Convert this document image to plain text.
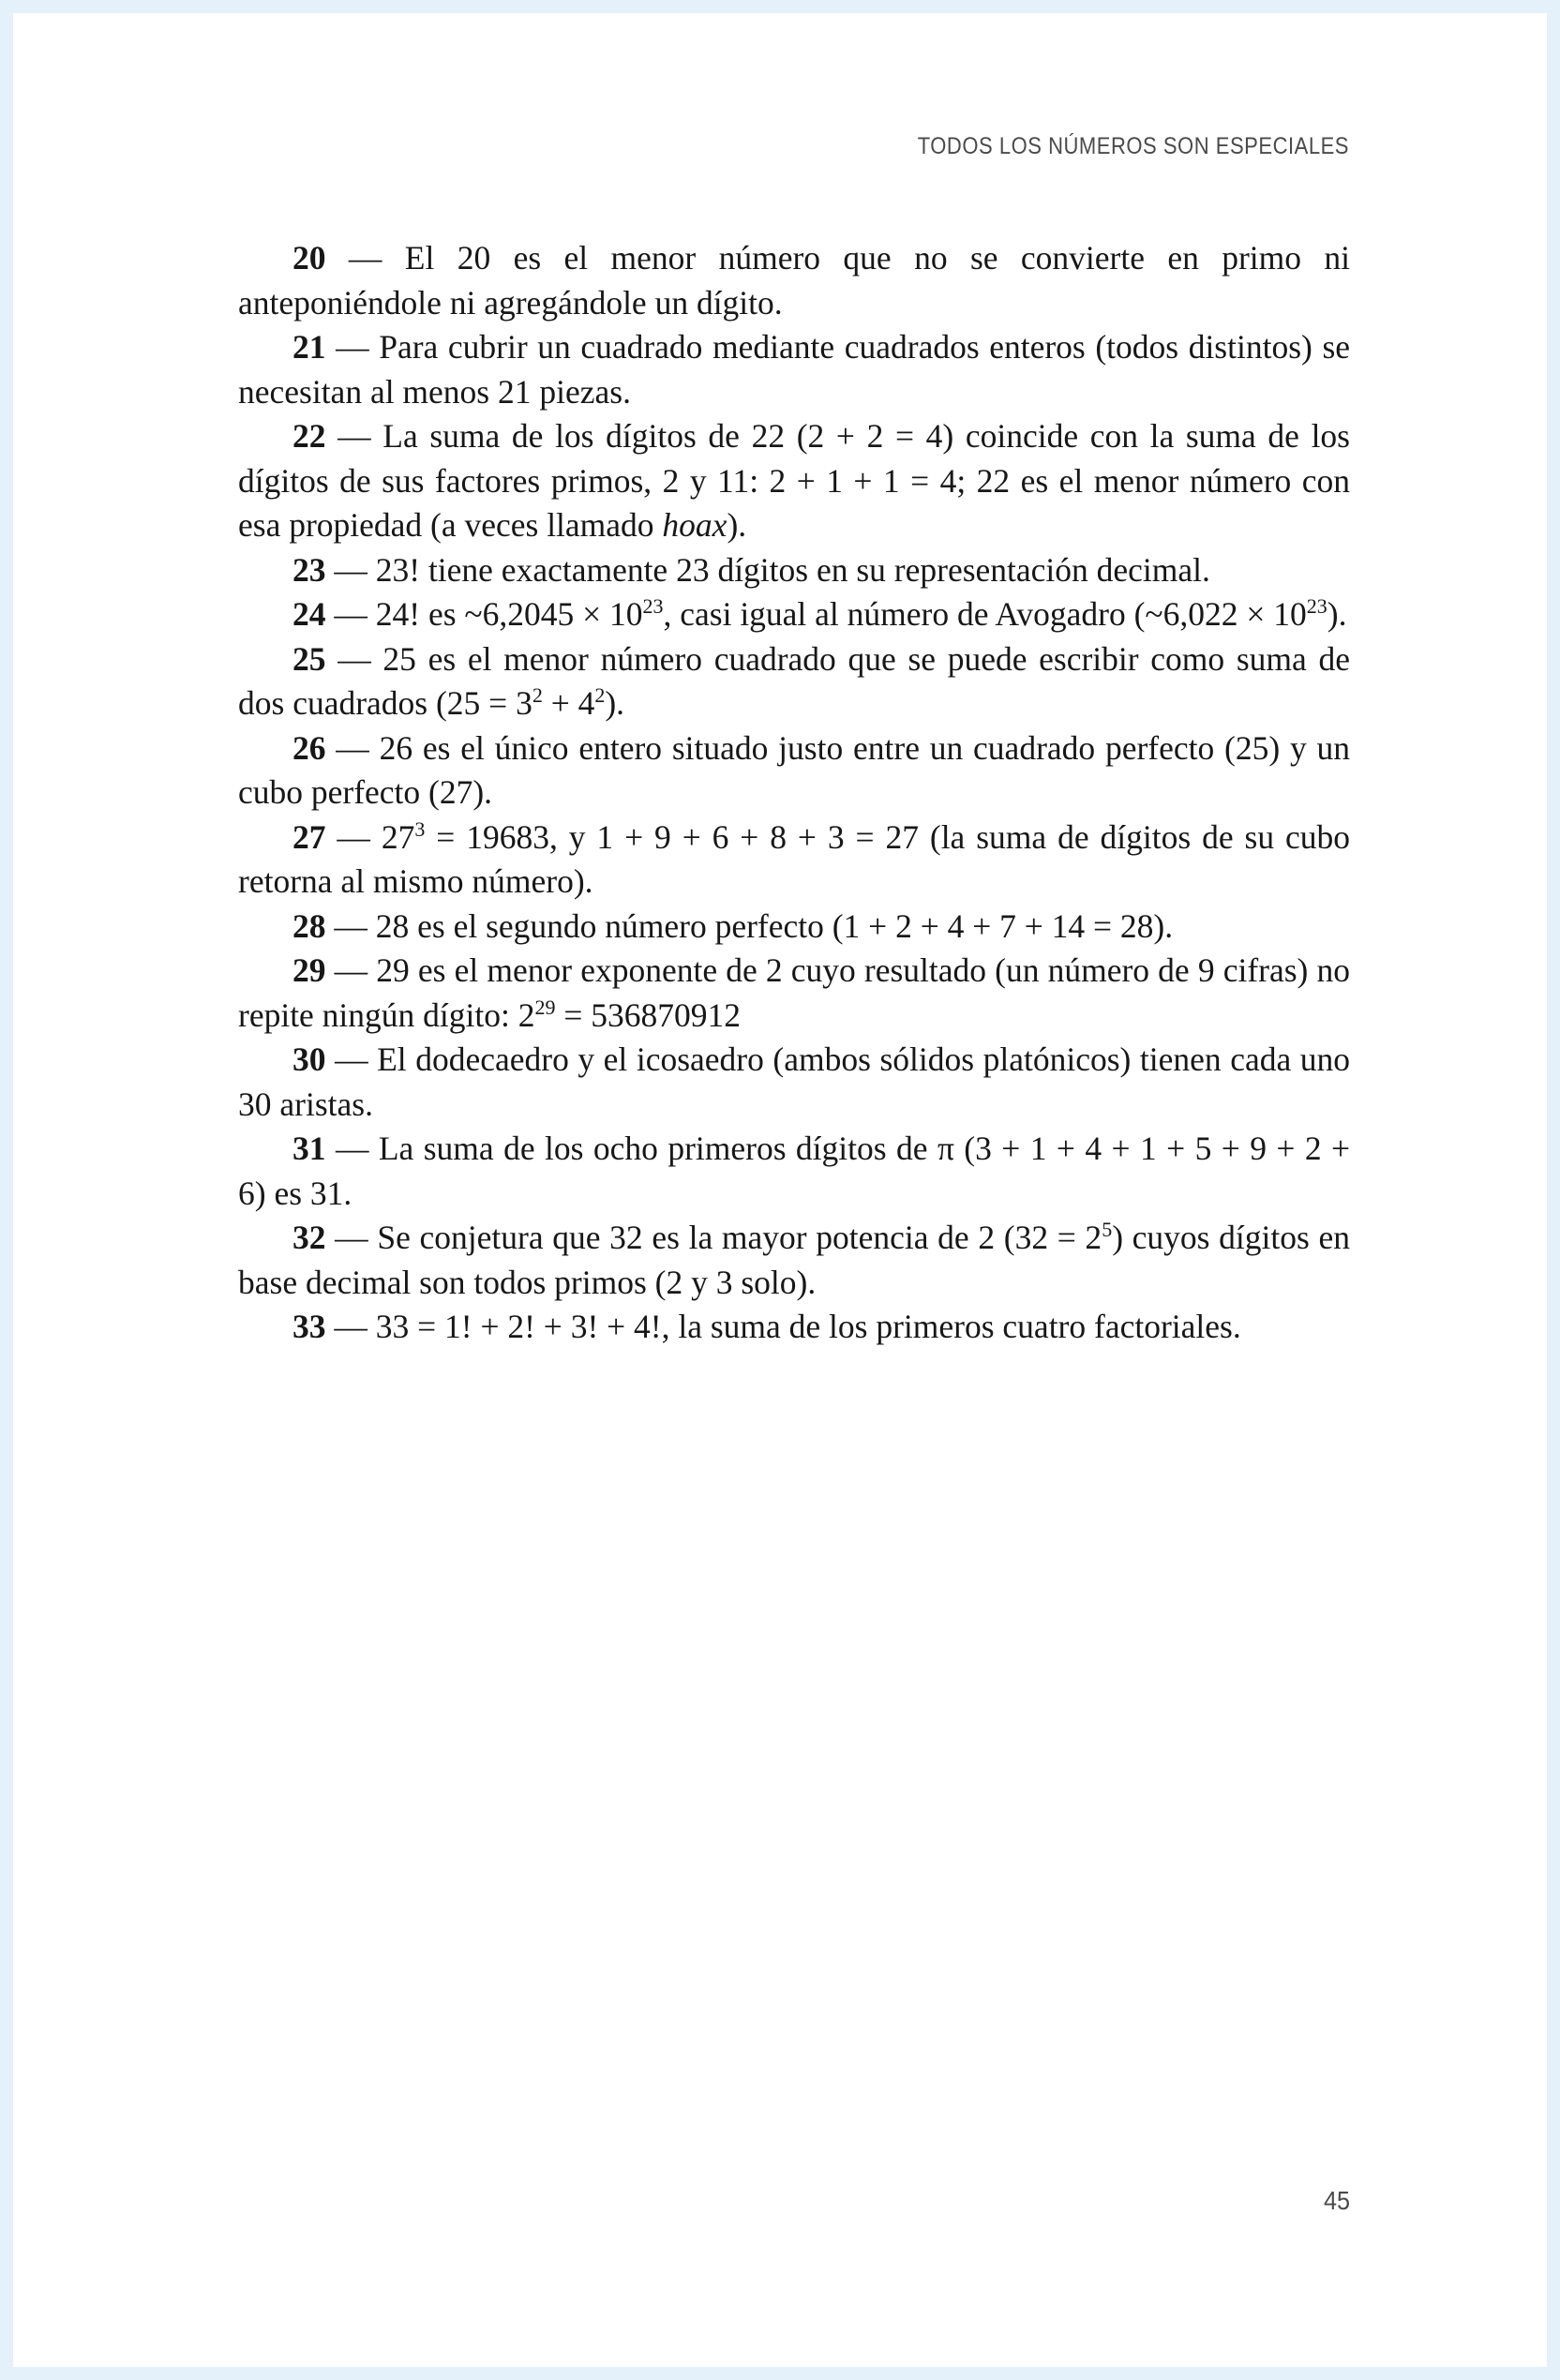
TODOS LOS NÚMEROS SON ESPECIALES

20 — El 20 es el menor número que no se convierte en primo ni anteponiéndole ni agregándole un dígito.

21 — Para cubrir un cuadrado mediante cuadrados enteros (todos distintos) se necesitan al menos 21 piezas.

22 — La suma de los dígitos de 22 (2 + 2 = 4) coincide con la suma de los dígitos de sus factores primos, 2 y 11: 2 + 1 + 1 = 4; 22 es el menor número con esa propiedad (a veces llamado hoax).

23 — 23! tiene exactamente 23 dígitos en su representación decimal.

24 — 24! es ~6,2045 × $10^{23}$, casi igual al número de Avogadro (~6,022 × $10^{23}$).

25 — 25 es el menor número cuadrado que se puede escribir como suma de dos cuadrados $(25 = 3^2 + 4^2)$.

26 — 26 es el único entero situado justo entre un cuadrado perfecto (25) y un cubo perfecto (27).

27 — $27^3 = 19683$, y 1 + 9 + 6 + 8 + 3 = 27 (la suma de dígitos de su cubo retorna al mismo número).

28 — 28 es el segundo número perfecto (1 + 2 + 4 + 7 + 14 = 28).

29 — 29 es el menor exponente de 2 cuyo resultado (un número de 9 cifras) no repite ningún dígito: $2^{29} = 536870912$

30 — El dodecaedro y el icosaedro (ambos sólidos platónicos) tienen cada uno 30 aristas.

31 — La suma de los ocho primeros dígitos de π (3 + 1 + 4 + 1 + 5 + 9 + 2 + 6) es 31.

32 — Se conjetura que 32 es la mayor potencia de 2 $(32 = 2^5)$ cuyos dígitos en base decimal son todos primos (2 y 3 solo).

33 — 33 = 1! + 2! + 3! + 4!, la suma de los primeros cuatro factoriales.

45
